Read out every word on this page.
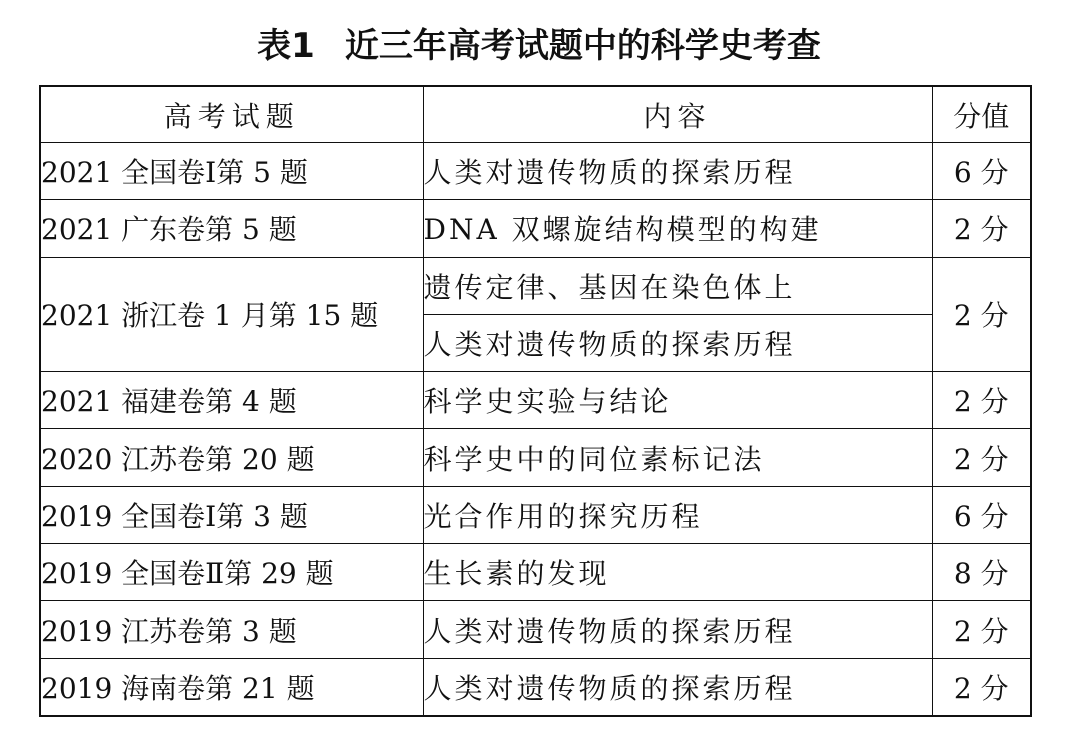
表1 近三年高考试题中的科学史考查
高考试题	内容	分值
2021 全国卷Ⅰ第 5 题	人类对遗传物质的探索历程	6 分
2021 广东卷第 5 题	DNA 双螺旋结构模型的构建	2 分
2021 浙江卷 1 月第 15 题	遗传定律、基因在染色体上	2 分
	人类对遗传物质的探索历程	
2021 福建卷第 4 题	科学史实验与结论	2 分
2020 江苏卷第 20 题	科学史中的同位素标记法	2 分
2019 全国卷Ⅰ第 3 题	光合作用的探究历程	6 分
2019 全国卷Ⅱ第 29 题	生长素的发现	8 分
2019 江苏卷第 3 题	人类对遗传物质的探索历程	2 分
2019 海南卷第 21 题	人类对遗传物质的探索历程	2 分
